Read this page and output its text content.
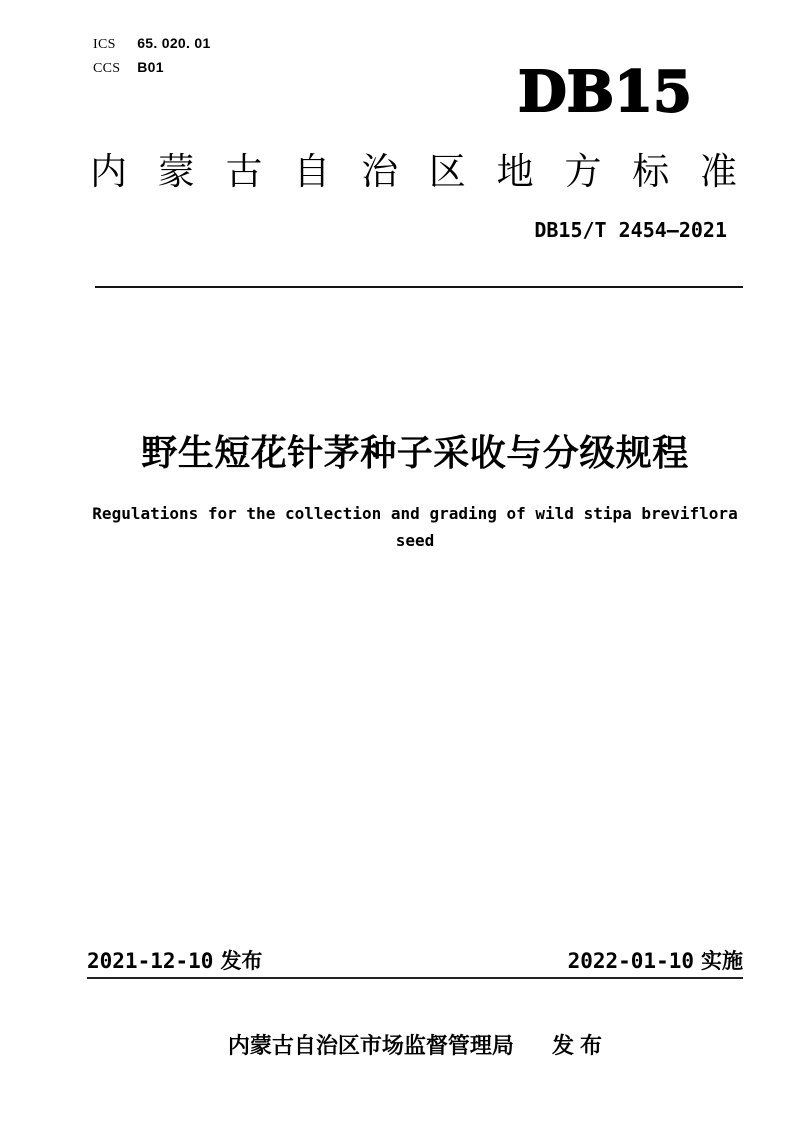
ICS 65. 020. 01
CCS B01	DB15
内蒙古自治区地方标准
DB15/T 2454—2021
野生短花针茅种子采收与分级规程
Regulations for the collection and grading of wild stipa breviflora seed
2021-12-10 发布	2022-01-10 实施
内蒙古自治区市场监督管理局 发 布
